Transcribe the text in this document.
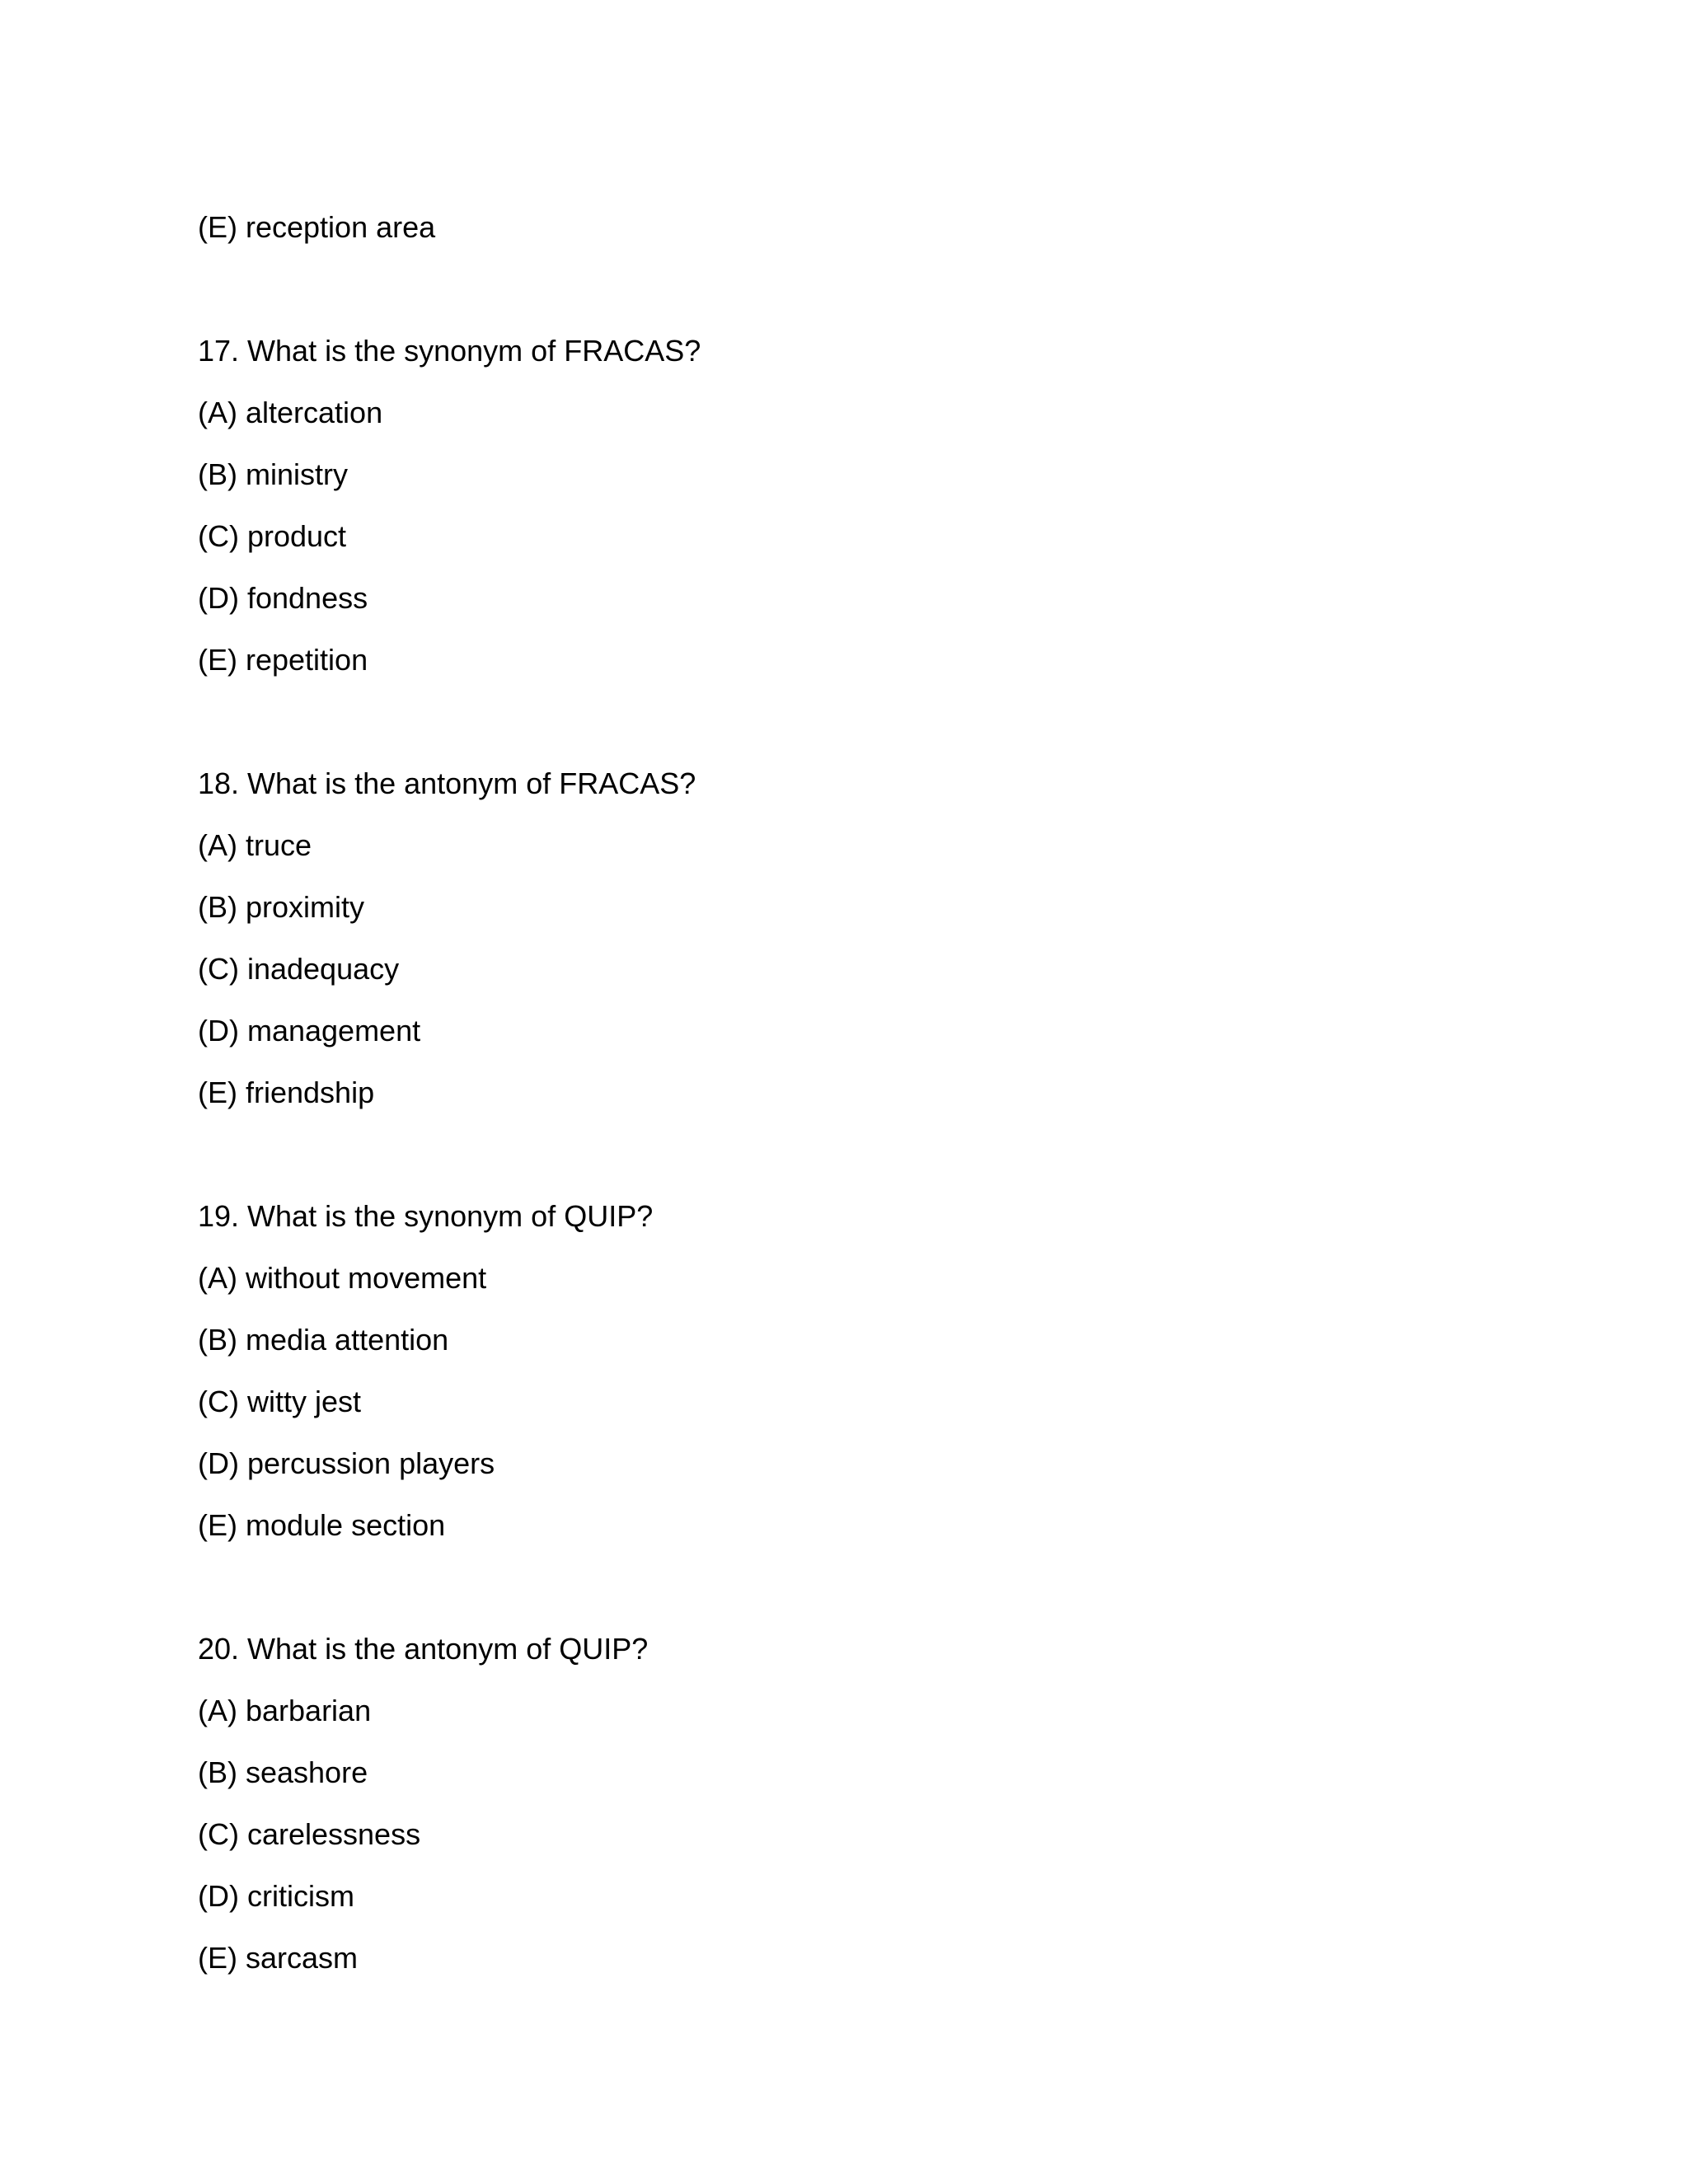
(E) reception area
17. What is the synonym of FRACAS?
(A) altercation
(B) ministry
(C) product
(D) fondness
(E) repetition
18. What is the antonym of FRACAS?
(A) truce
(B) proximity
(C) inadequacy
(D) management
(E) friendship
19. What is the synonym of QUIP?
(A) without movement
(B) media attention
(C) witty jest
(D) percussion players
(E) module section
20. What is the antonym of QUIP?
(A) barbarian
(B) seashore
(C) carelessness
(D) criticism
(E) sarcasm
